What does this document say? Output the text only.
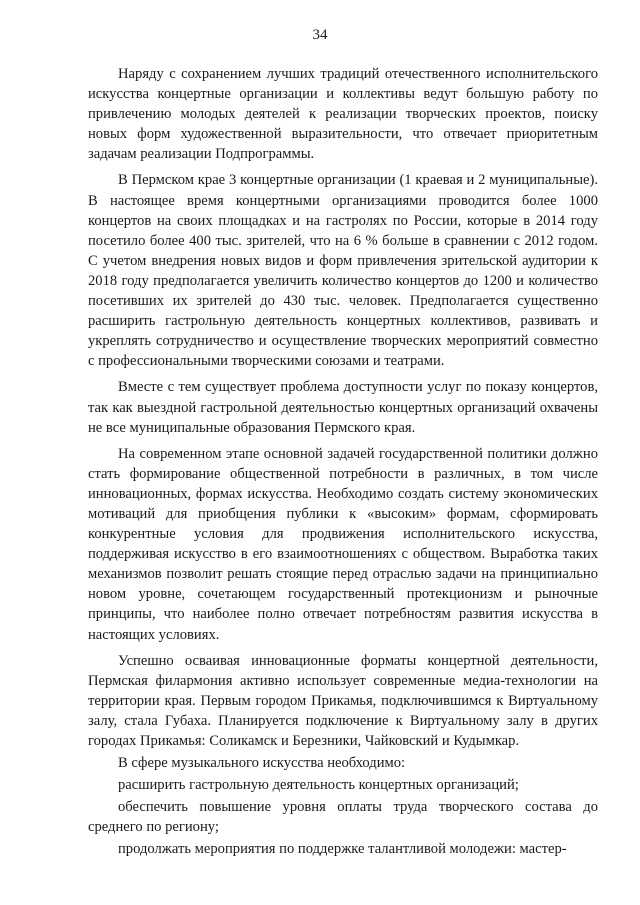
34

Наряду с сохранением лучших традиций отечественного исполнительского искусства концертные организации и коллективы ведут большую работу по привлечению молодых деятелей к реализации творческих проектов, поиску новых форм художественной выразительности, что отвечает приоритетным задачам реализации Подпрограммы.

В Пермском крае 3 концертные организации (1 краевая и 2 муниципальные). В настоящее время концертными организациями проводится более 1000 концертов на своих площадках и на гастролях по России, которые в 2014 году посетило более 400 тыс. зрителей, что на 6 % больше в сравнении с 2012 годом. С учетом внедрения новых видов и форм привлечения зрительской аудитории к 2018 году предполагается увеличить количество концертов до 1200 и количество посетивших их зрителей до 430 тыс. человек. Предполагается существенно расширить гастрольную деятельность концертных коллективов, развивать и укреплять сотрудничество и осуществление творческих мероприятий совместно с профессиональными творческими союзами и театрами.

Вместе с тем существует проблема доступности услуг по показу концертов, так как выездной гастрольной деятельностью концертных организаций охвачены не все муниципальные образования Пермского края.

На современном этапе основной задачей государственной политики должно стать формирование общественной потребности в различных, в том числе инновационных, формах искусства. Необходимо создать систему экономических мотиваций для приобщения публики к «высоким» формам, сформировать конкурентные условия для продвижения исполнительского искусства, поддерживая искусство в его взаимоотношениях с обществом. Выработка таких механизмов позволит решать стоящие перед отраслью задачи на принципиально новом уровне, сочетающем государственный протекционизм и рыночные принципы, что наиболее полно отвечает потребностям развития искусства в настоящих условиях.

Успешно осваивая инновационные форматы концертной деятельности, Пермская филармония активно использует современные медиа-технологии на территории края. Первым городом Прикамья, подключившимся к Виртуальному залу, стала Губаха. Планируется подключение к Виртуальному залу в других городах Прикамья: Соликамск и Березники, Чайковский и Кудымкар.

В сфере музыкального искусства необходимо:

расширить гастрольную деятельность концертных организаций;

обеспечить повышение уровня оплаты труда творческого состава до среднего по региону;

продолжать мероприятия по поддержке талантливой молодежи: мастер-
